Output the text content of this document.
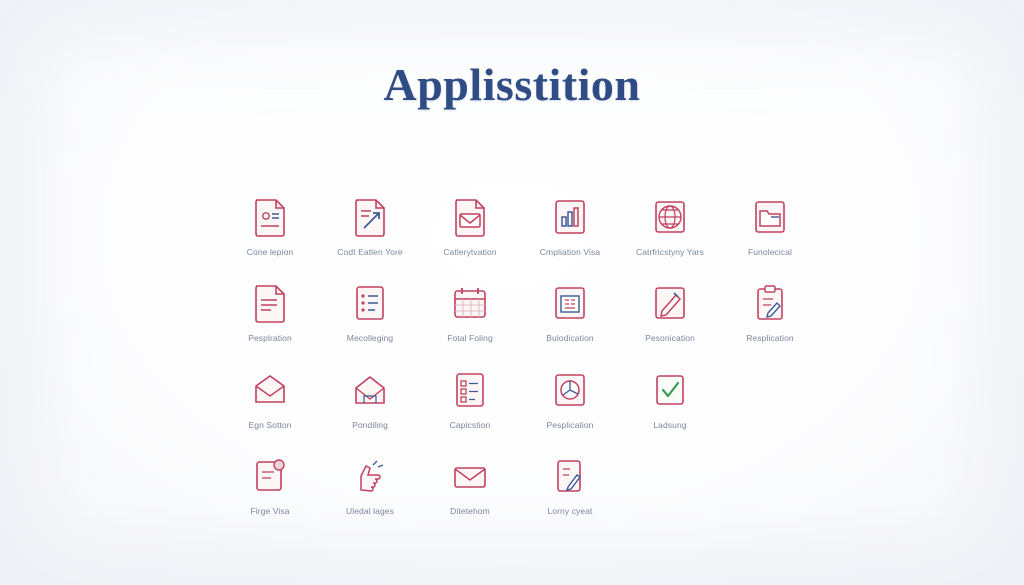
Applisstition
Cone lepion	Codt Eatlen Yore	Catlerytvation	Cmpliation Visa	Catrfricstyny Yars	Funolecical
Pesplration	Mecolleging	Fotal Foling	Bulodication	Pesonication	Resplication
Egn Sotton	Pondiling	Capicstion	Pesplication	Ladsung
Firge Visa	Uledal lages	Ditetehom	Lorny cyeat
